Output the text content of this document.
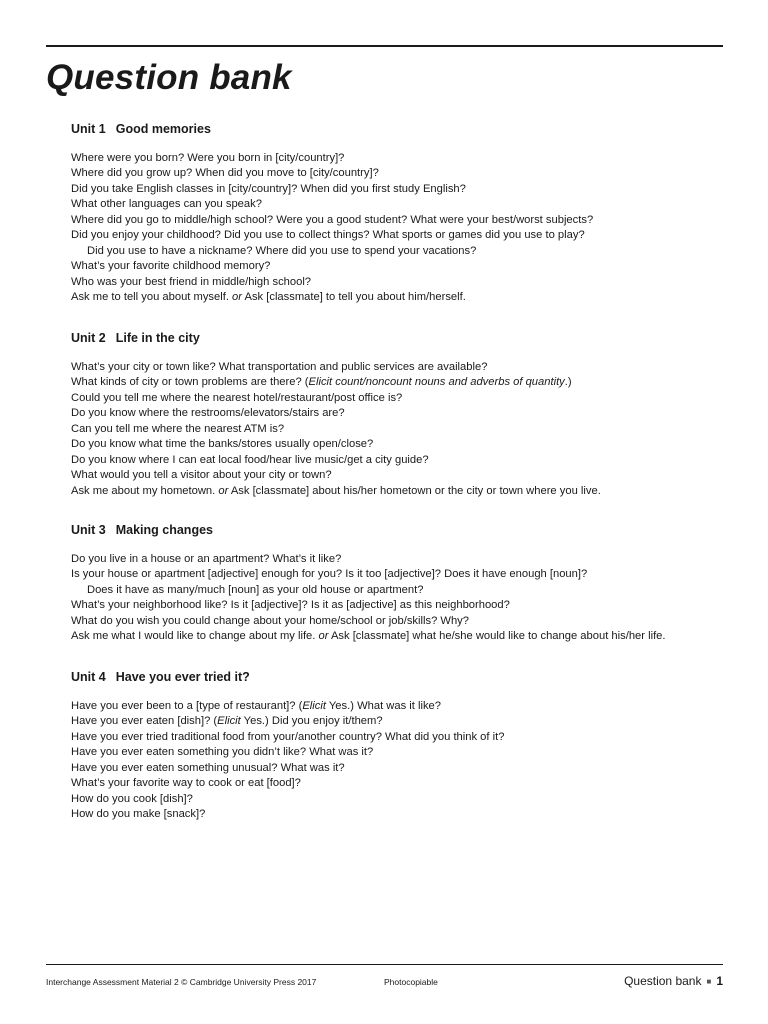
Question bank
Unit 1 Good memories
Where were you born? Were you born in [city/country]?
Where did you grow up? When did you move to [city/country]?
Did you take English classes in [city/country]? When did you first study English?
What other languages can you speak?
Where did you go to middle/high school? Were you a good student? What were your best/worst subjects?
Did you enjoy your childhood? Did you use to collect things? What sports or games did you use to play?
Did you use to have a nickname? Where did you use to spend your vacations?
What’s your favorite childhood memory?
Who was your best friend in middle/high school?
Ask me to tell you about myself. or Ask [classmate] to tell you about him/herself.
Unit 2 Life in the city
What’s your city or town like? What transportation and public services are available?
What kinds of city or town problems are there? (Elicit count/noncount nouns and adverbs of quantity.)
Could you tell me where the nearest hotel/restaurant/post office is?
Do you know where the restrooms/elevators/stairs are?
Can you tell me where the nearest ATM is?
Do you know what time the banks/stores usually open/close?
Do you know where I can eat local food/hear live music/get a city guide?
What would you tell a visitor about your city or town?
Ask me about my hometown. or Ask [classmate] about his/her hometown or the city or town where you live.
Unit 3 Making changes
Do you live in a house or an apartment? What’s it like?
Is your house or apartment [adjective] enough for you? Is it too [adjective]? Does it have enough [noun]?
Does it have as many/much [noun] as your old house or apartment?
What’s your neighborhood like? Is it [adjective]? Is it as [adjective] as this neighborhood?
What do you wish you could change about your home/school or job/skills? Why?
Ask me what I would like to change about my life. or Ask [classmate] what he/she would like to change about his/her life.
Unit 4 Have you ever tried it?
Have you ever been to a [type of restaurant]? (Elicit Yes.) What was it like?
Have you ever eaten [dish]? (Elicit Yes.) Did you enjoy it/them?
Have you ever tried traditional food from your/another country? What did you think of it?
Have you ever eaten something you didn’t like? What was it?
Have you ever eaten something unusual? What was it?
What’s your favorite way to cook or eat [food]?
How do you cook [dish]?
How do you make [snack]?
Interchange Assessment Material 2 © Cambridge University Press 2017	Photocopiable	Question bank ■ 1
